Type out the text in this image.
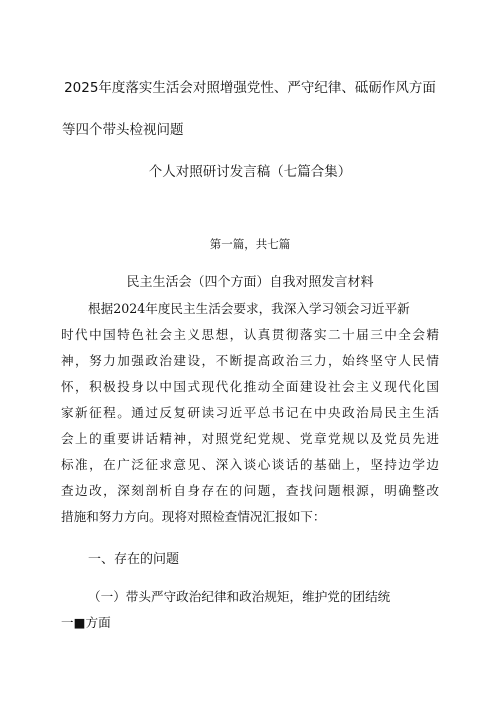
2025年度落实生活会对照增强党性、严守纪律、砥砺作风方面
等四个带头检视问题
个人对照研讨发言稿（七篇合集）
第一篇，共七篇
民主生活会（四个方面）自我对照发言材料
根据2024年度民主生活会要求，我深入学习领会习近平新
时代中国特色社会主义思想，认真贯彻落实二十届三中全会精
神，努力加强政治建设，不断提高政治三力，始终坚守人民情
怀，积极投身以中国式现代化推动全面建设社会主义现代化国
家新征程。通过反复研读习近平总书记在中央政治局民主生活
会上的重要讲话精神，对照党纪党规、党章党规以及党员先进
标准，在广泛征求意见、深入谈心谈话的基础上，坚持边学边
查边改，深刻剖析自身存在的问题，查找问题根源，明确整改
措施和努力方向。现将对照检查情况汇报如下：
一、存在的问题
（一）带头严守政治纪律和政治规矩，维护党的团结统
一■方面
